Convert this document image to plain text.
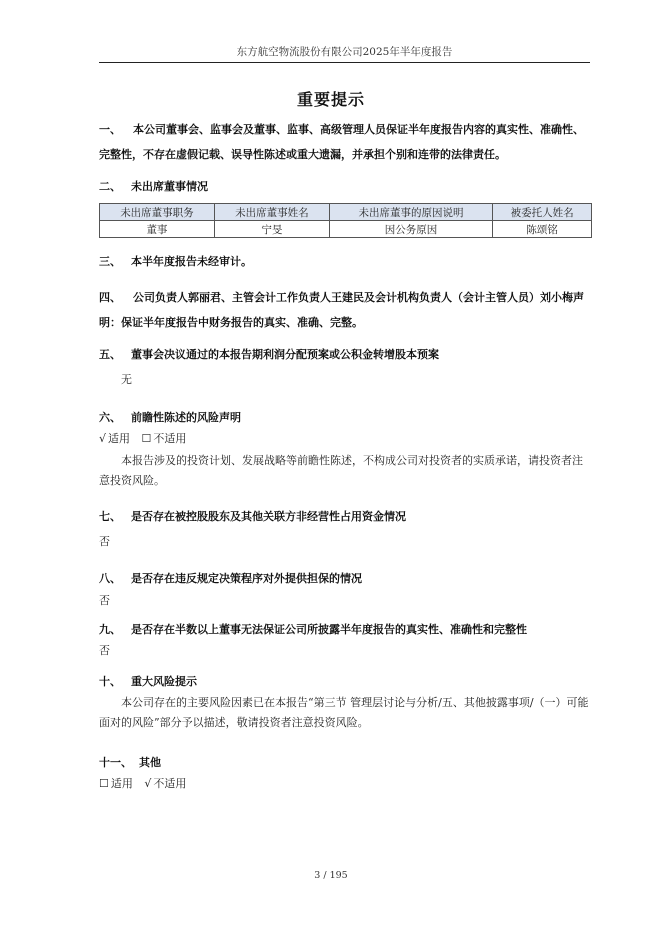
东方航空物流股份有限公司2025年半年度报告
重要提示
一、 本公司董事会、监事会及董事、监事、高级管理人员保证半年度报告内容的真实性、准确性、完整性，不存在虚假记载、误导性陈述或重大遗漏，并承担个别和连带的法律责任。
二、 未出席董事情况
未出席董事职务	未出席董事姓名	未出席董事的原因说明	被委托人姓名
董事	宁旻	因公务原因	陈颂铭
三、 本半年度报告未经审计。
四、 公司负责人郭丽君、主管会计工作负责人王建民及会计机构负责人（会计主管人员）刘小梅声明：保证半年度报告中财务报告的真实、准确、完整。
五、 董事会决议通过的本报告期利润分配预案或公积金转增股本预案
无
六、 前瞻性陈述的风险声明
√ 适用 ☐ 不适用
本报告涉及的投资计划、发展战略等前瞻性陈述，不构成公司对投资者的实质承诺，请投资者注意投资风险。
七、 是否存在被控股股东及其他关联方非经营性占用资金情况
否
八、 是否存在违反规定决策程序对外提供担保的情况
否
九、 是否存在半数以上董事无法保证公司所披露半年度报告的真实性、准确性和完整性
否
十、 重大风险提示
本公司存在的主要风险因素已在本报告“第三节 管理层讨论与分析/五、其他披露事项/（一）可能面对的风险”部分予以描述，敬请投资者注意投资风险。
十一、 其他
☐ 适用 √ 不适用
3 / 195
